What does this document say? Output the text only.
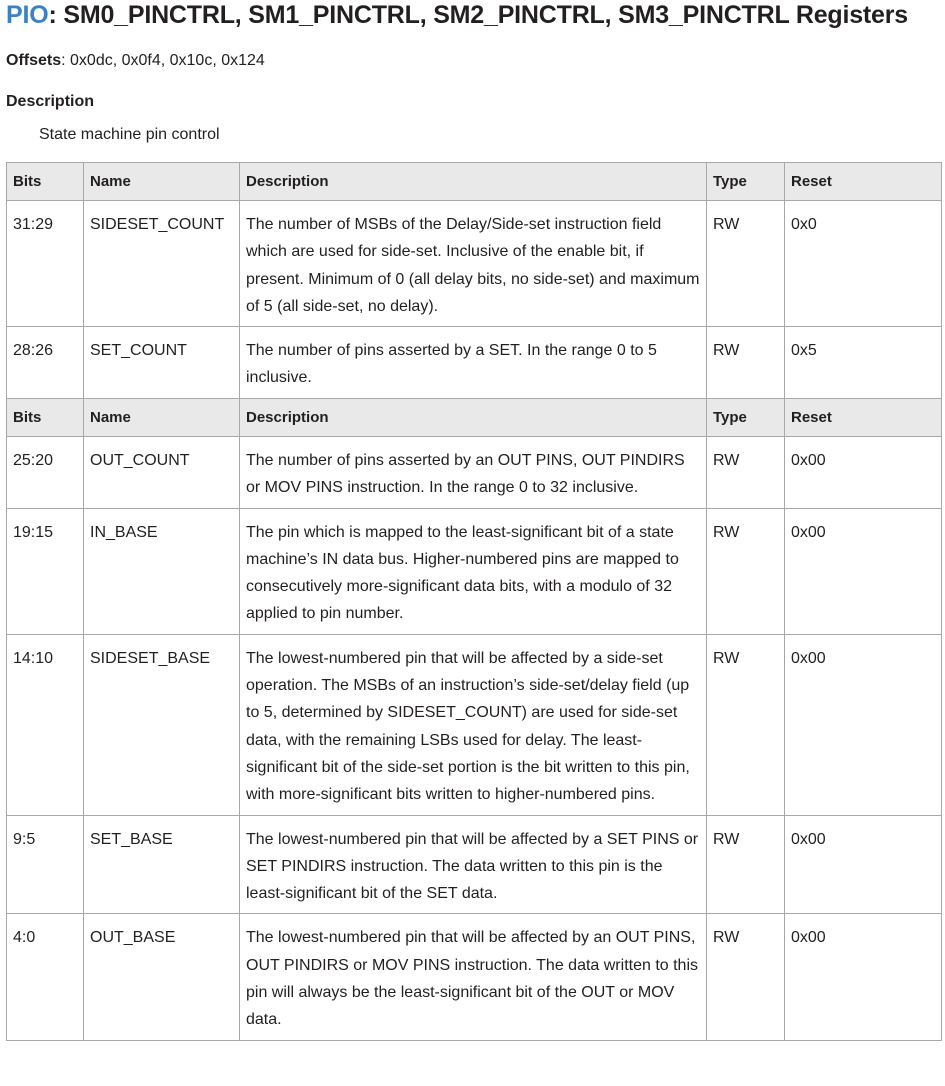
PIO: SM0_PINCTRL, SM1_PINCTRL, SM2_PINCTRL, SM3_PINCTRL Registers
Offsets: 0x0dc, 0x0f4, 0x10c, 0x124
Description
State machine pin control
Bits	Name	Description	Type	Reset
31:29	SIDESET_COUNT	The number of MSBs of the Delay/Side-set instruction field which are used for side-set. Inclusive of the enable bit, if present. Minimum of 0 (all delay bits, no side-set) and maximum of 5 (all side-set, no delay).	RW	0x0
28:26	SET_COUNT	The number of pins asserted by a SET. In the range 0 to 5 inclusive.	RW	0x5
Bits	Name	Description	Type	Reset
25:20	OUT_COUNT	The number of pins asserted by an OUT PINS, OUT PINDIRS or MOV PINS instruction. In the range 0 to 32 inclusive.	RW	0x00
19:15	IN_BASE	The pin which is mapped to the least-significant bit of a state machine’s IN data bus. Higher-numbered pins are mapped to consecutively more-significant data bits, with a modulo of 32 applied to pin number.	RW	0x00
14:10	SIDESET_BASE	The lowest-numbered pin that will be affected by a side-set operation. The MSBs of an instruction’s side-set/delay field (up to 5, determined by SIDESET_COUNT) are used for side-set data, with the remaining LSBs used for delay. The least-significant bit of the side-set portion is the bit written to this pin, with more-significant bits written to higher-numbered pins.	RW	0x00
9:5	SET_BASE	The lowest-numbered pin that will be affected by a SET PINS or SET PINDIRS instruction. The data written to this pin is the least-significant bit of the SET data.	RW	0x00
4:0	OUT_BASE	The lowest-numbered pin that will be affected by an OUT PINS, OUT PINDIRS or MOV PINS instruction. The data written to this pin will always be the least-significant bit of the OUT or MOV data.	RW	0x00
